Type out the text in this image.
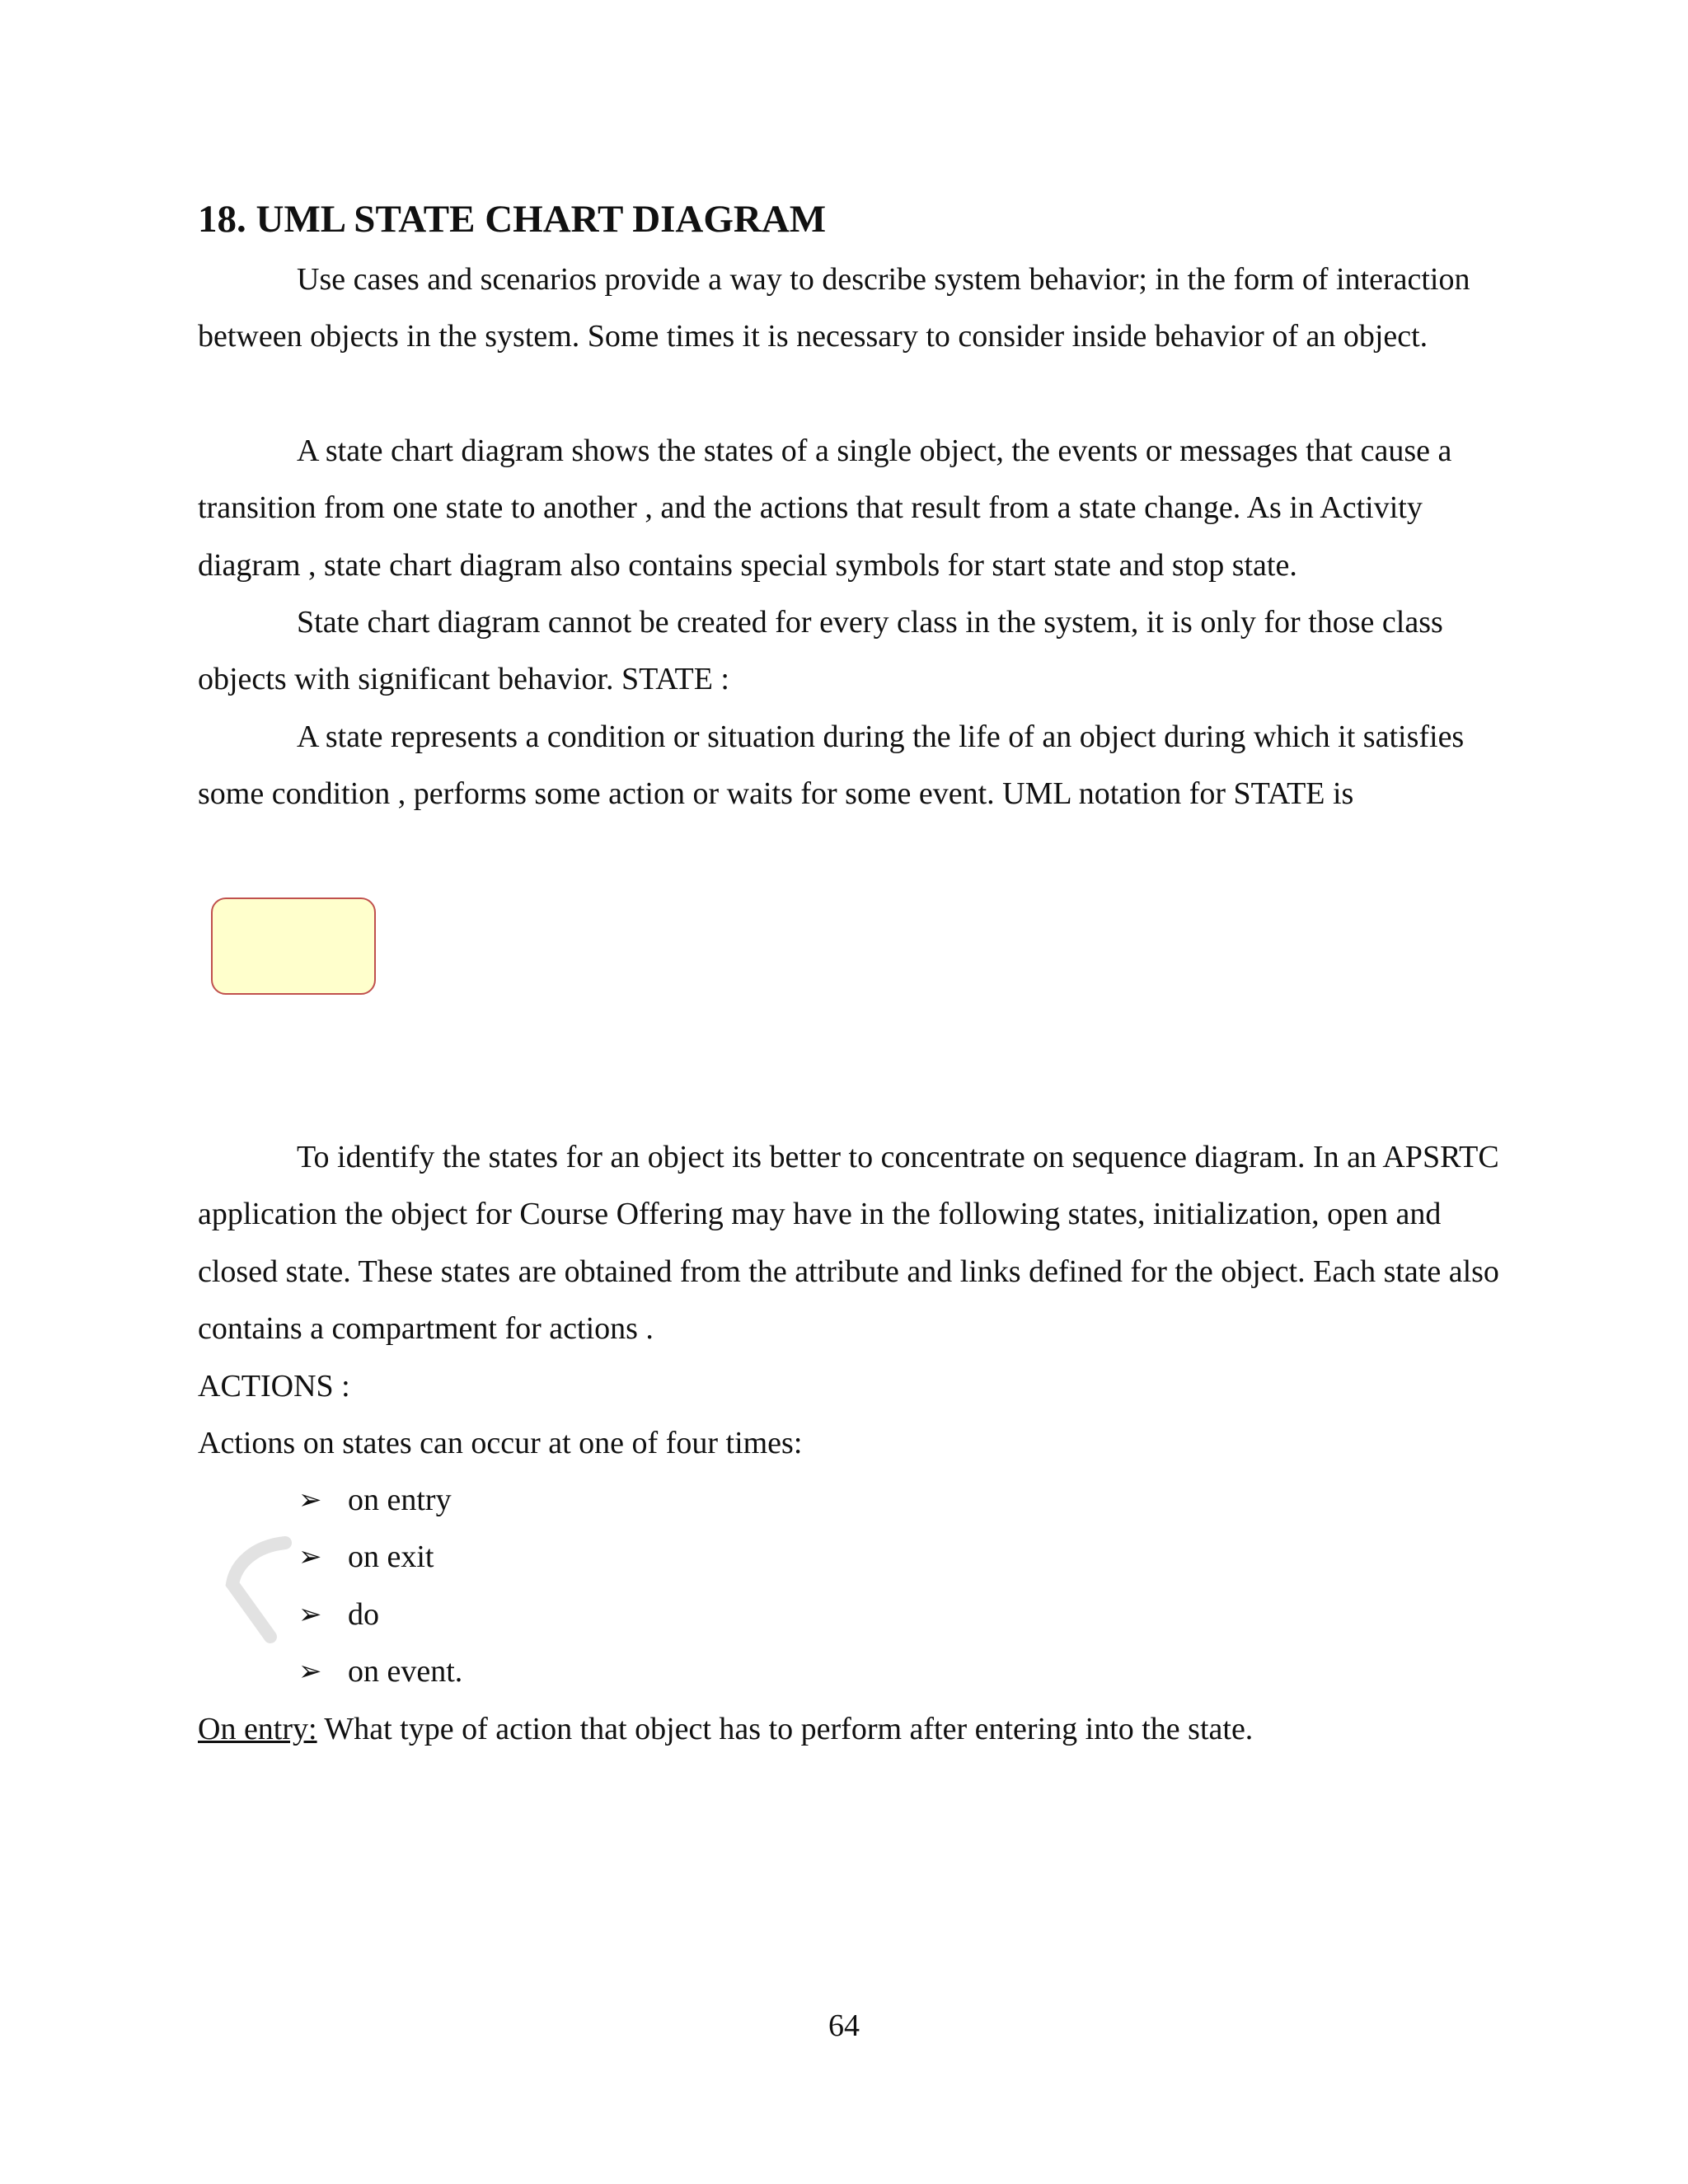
18. UML STATE CHART DIAGRAM

Use cases and scenarios provide a way to describe system behavior; in the form of interaction between objects in the system. Some times it is necessary to consider inside behavior of an object.

A state chart diagram shows the states of a single object, the events or messages that cause a transition from one state to another , and the actions that result from a state change. As in Activity diagram , state chart diagram also contains special symbols for start state and stop state.

State chart diagram cannot be created for every class in the system, it is only for those class objects with significant behavior. STATE :

A state represents a condition or situation during the life of an object during which it satisfies some condition , performs some action or waits for some event. UML notation for STATE is

To identify the states for an object its better to concentrate on sequence diagram. In an APSRTC application the object for Course Offering may have in the following states, initialization, open and closed state. These states are obtained from the attribute and links defined for the object. Each state also contains a compartment for actions .

ACTIONS :

Actions on states can occur at one of four times:

➢ on entry
➢ on exit
➢ do
➢ on event.

On entry: What type of action that object has to perform after entering into the state.

64
